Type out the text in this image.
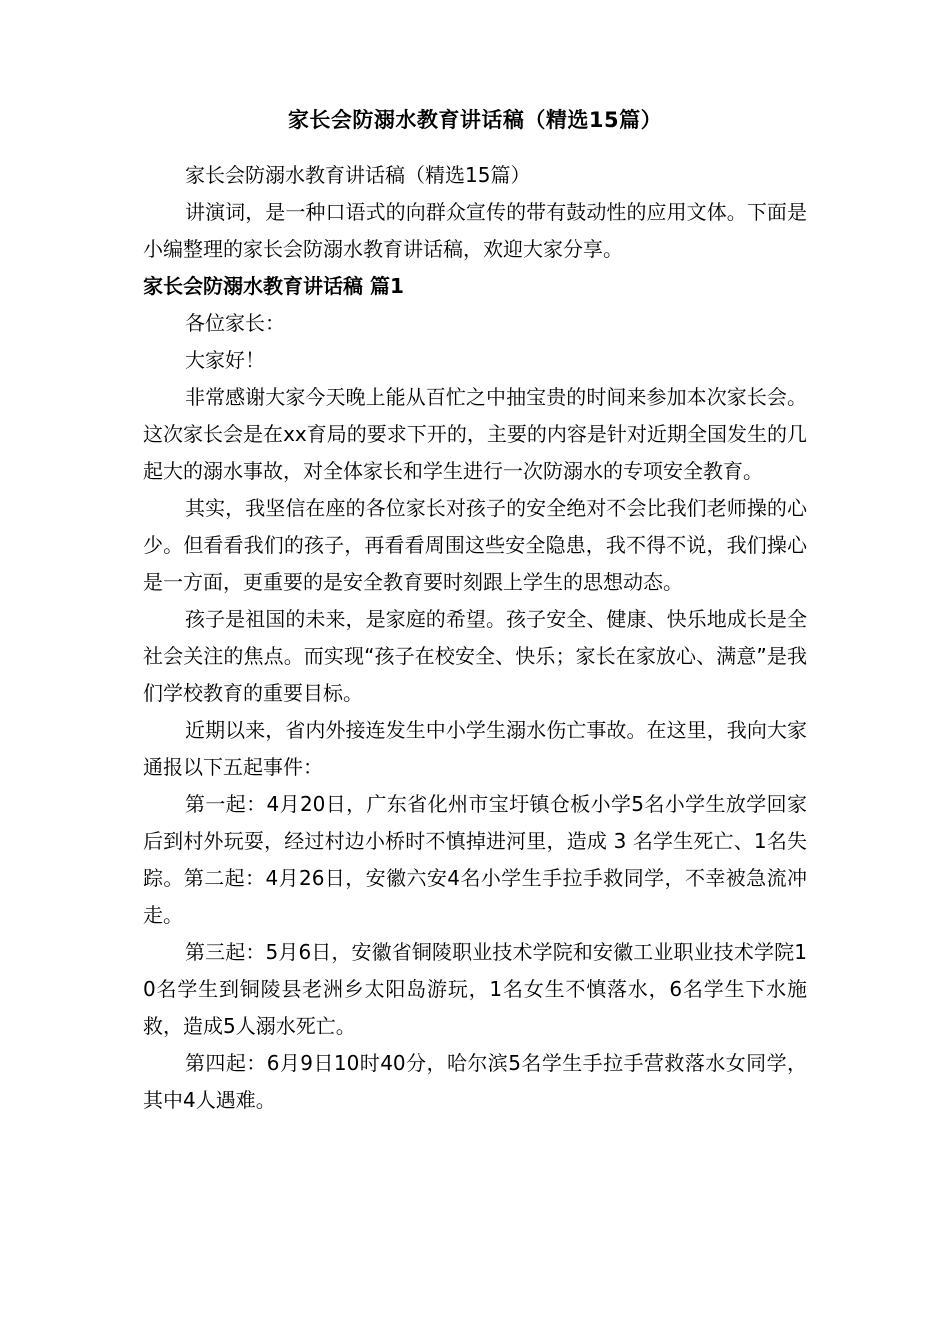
家长会防溺水教育讲话稿（精选15篇）

家长会防溺水教育讲话稿（精选15篇）

讲演词，是一种口语式的向群众宣传的带有鼓动性的应用文体。下面是小编整理的家长会防溺水教育讲话稿，欢迎大家分享。

家长会防溺水教育讲话稿 篇1

各位家长：

大家好！

非常感谢大家今天晚上能从百忙之中抽宝贵的时间来参加本次家长会。这次家长会是在xx育局的要求下开的，主要的内容是针对近期全国发生的几起大的溺水事故，对全体家长和学生进行一次防溺水的专项安全教育。

其实，我坚信在座的各位家长对孩子的安全绝对不会比我们老师操的心少。但看看我们的孩子，再看看周围这些安全隐患，我不得不说，我们操心是一方面，更重要的是安全教育要时刻跟上学生的思想动态。

孩子是祖国的未来，是家庭的希望。孩子安全、健康、快乐地成长是全社会关注的焦点。而实现“孩子在校安全、快乐；家长在家放心、满意”是我们学校教育的重要目标。

近期以来，省内外接连发生中小学生溺水伤亡事故。在这里，我向大家通报以下五起事件：

第一起：4月20日，广东省化州市宝圩镇仓板小学5名小学生放学回家后到村外玩耍，经过村边小桥时不慎掉进河里，造成 3 名学生死亡、1名失踪。第二起：4月26日，安徽六安4名小学生手拉手救同学，不幸被急流冲走。

第三起：5月6日，安徽省铜陵职业技术学院和安徽工业职业技术学院10名学生到铜陵县老洲乡太阳岛游玩，1名女生不慎落水，6名学生下水施救，造成5人溺水死亡。

第四起：6月9日10时40分，哈尔滨5名学生手拉手营救落水女同学，其中4人遇难。
